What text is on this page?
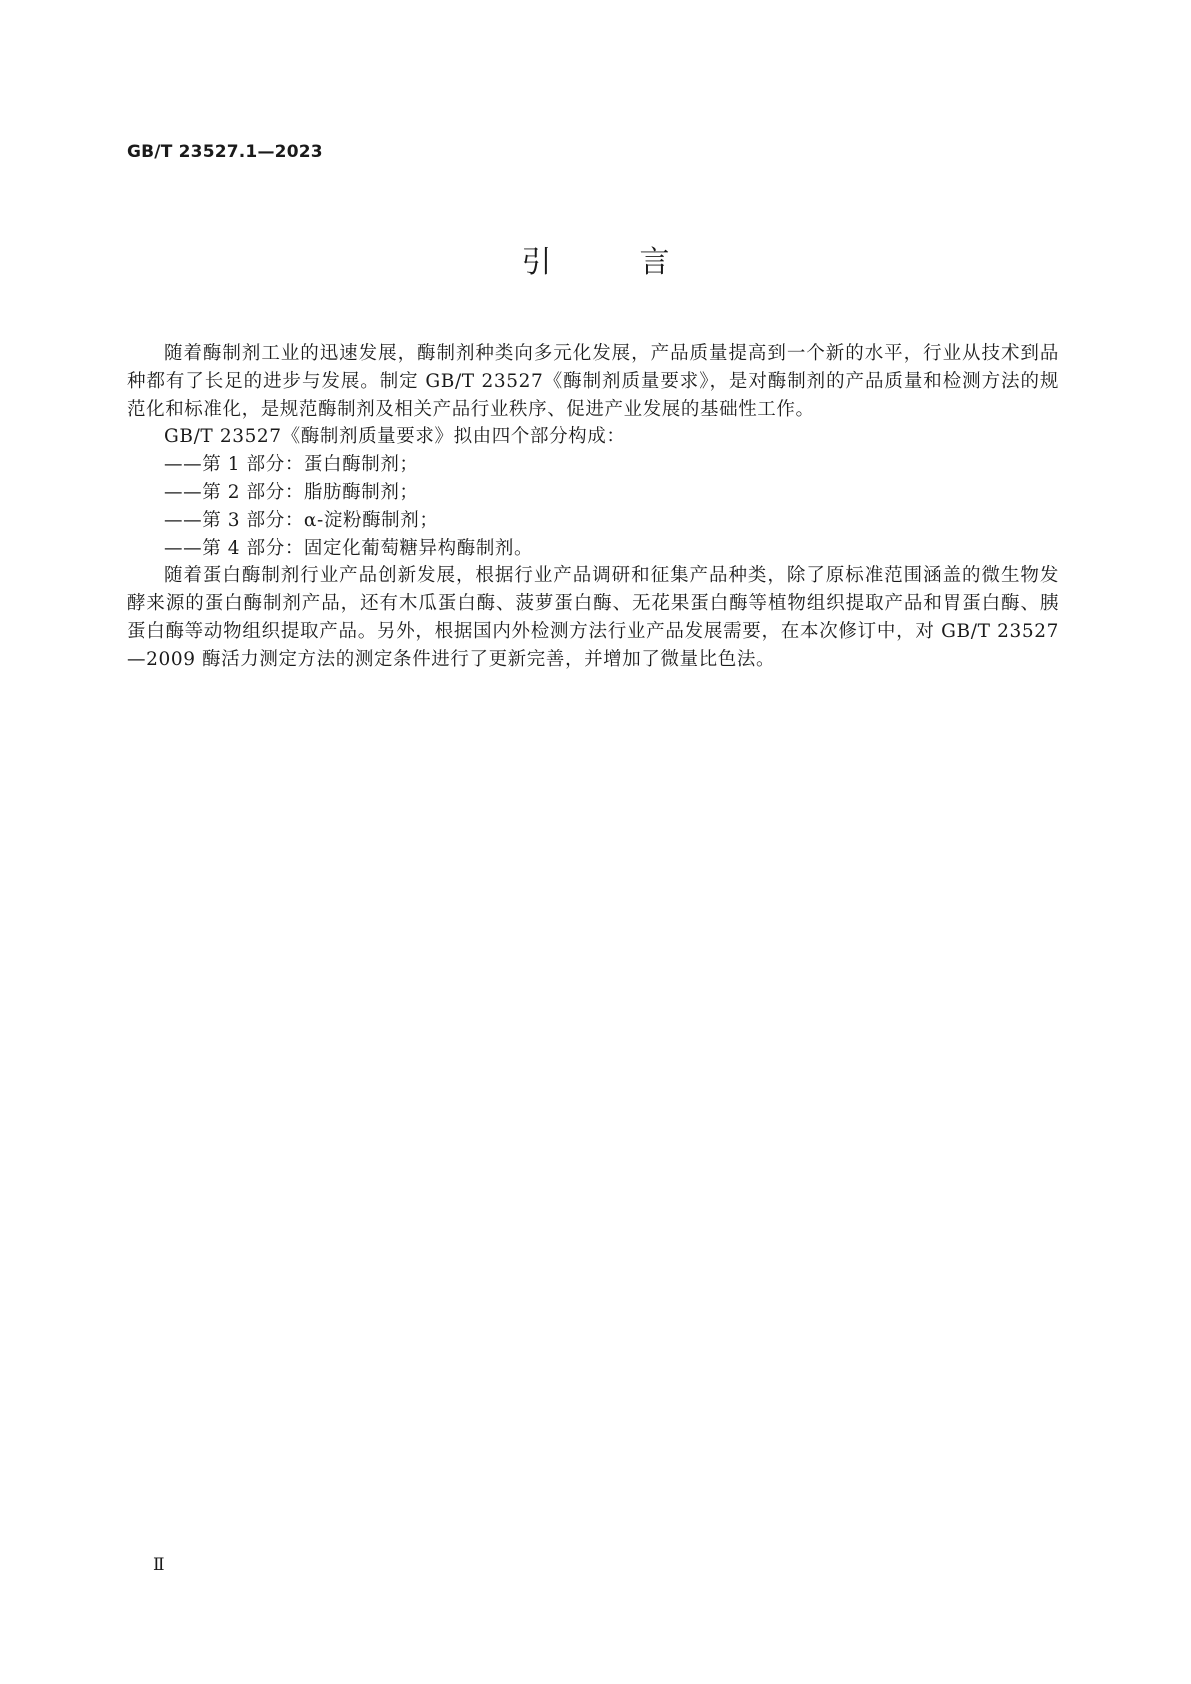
GB/T 23527.1—2023
引	言

随着酶制剂工业的迅速发展，酶制剂种类向多元化发展，产品质量提高到一个新的水平，行业从技术到品种都有了长足的进步与发展。制定 GB/T 23527《酶制剂质量要求》，是对酶制剂的产品质量和检测方法的规范化和标准化，是规范酶制剂及相关产品行业秩序、促进产业发展的基础性工作。

GB/T 23527《酶制剂质量要求》拟由四个部分构成：

——第 1 部分：蛋白酶制剂；

——第 2 部分：脂肪酶制剂；

——第 3 部分：α-淀粉酶制剂；

——第 4 部分：固定化葡萄糖异构酶制剂。

随着蛋白酶制剂行业产品创新发展，根据行业产品调研和征集产品种类，除了原标准范围涵盖的微生物发酵来源的蛋白酶制剂产品，还有木瓜蛋白酶、菠萝蛋白酶、无花果蛋白酶等植物组织提取产品和胃蛋白酶、胰蛋白酶等动物组织提取产品。另外，根据国内外检测方法行业产品发展需要，在本次修订中，对 GB/T 23527—2009 酶活力测定方法的测定条件进行了更新完善，并增加了微量比色法。

Ⅱ
